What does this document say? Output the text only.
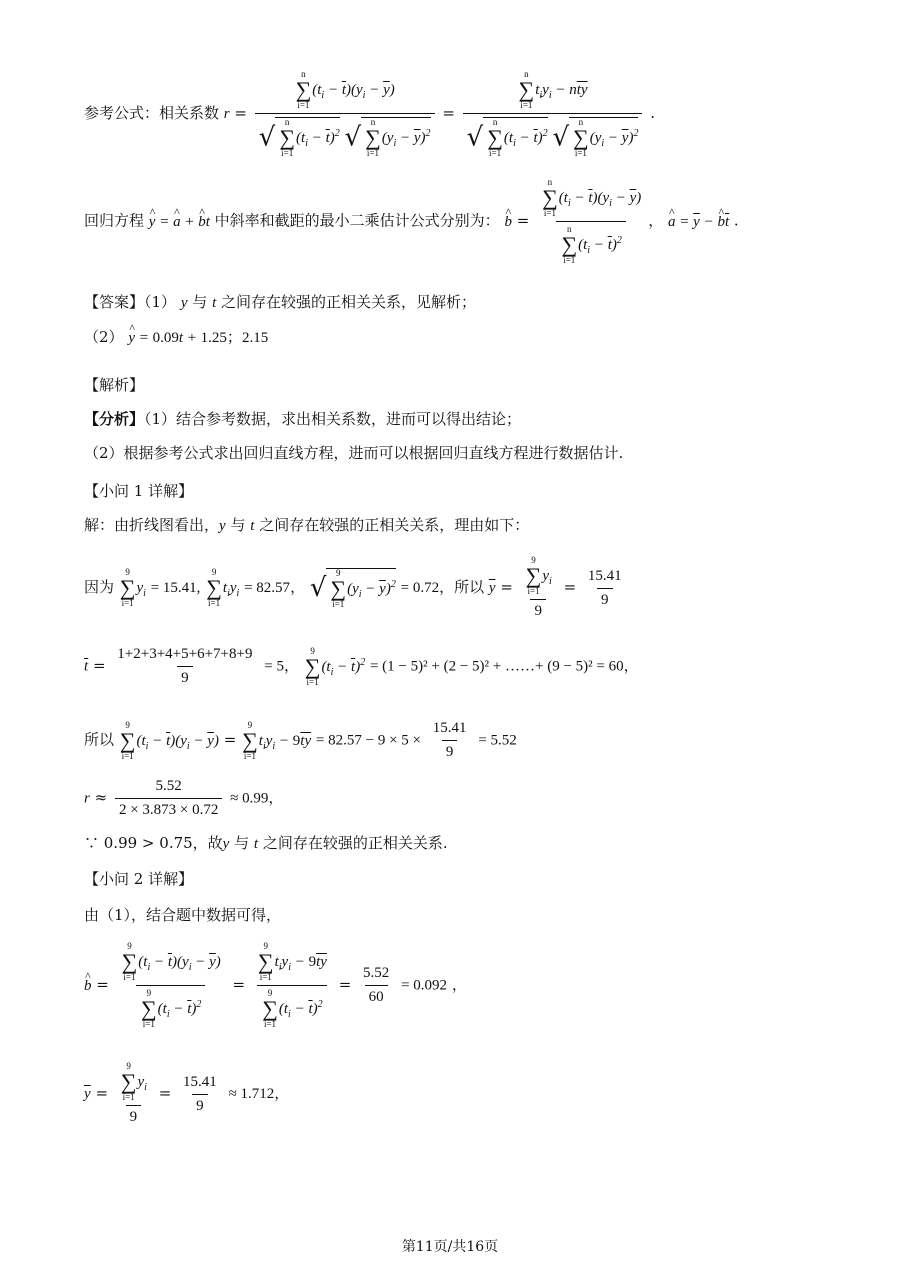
参考公式：相关系数 r = n
∑
i=1
$(t_i - \overline{t})(y_i - \overline{y})$
√
n
∑
i=1
$(t_i - \overline{t})^2$ √
n
∑
i=1
$(y_i - \overline{y})^2 = n$
∑
i=1
$t_iy_i - n\overline{ty}$
√
n
∑
i=1
$(t_i - \overline{t})^2$ √
n
∑
i=1
$(y_i - \overline{y})^2$ .
回归方程 ^ y = ^ a + ^ bt 中斜率和截距的最小二乘估计公式分别为： ^ b = n
∑
i=1
$(t_i - \overline{t})(y_i - \overline{y})$
n
∑
i=1
$(t_i - \overline{t})^2$ ， ^ $a = \overline{y}$ − ^ $b\overline{t}$ .
【答案】（1） y 与 t 之间存在较强的正相关关系，见解析；
（2） ^ y = 0.09t + 1.25；2.15
【解析】
【分析】（1）结合参考数据，求出相关系数，进而可以得出结论；
（2）根据参考公式求出回归直线方程，进而可以根据回归直线方程进行数据估计.
【小问 1 详解】
解：由折线图看出，y 与 t 之间存在较强的正相关关系，理由如下：
因为
9
∑
i=1
$y_i = 15.41$,
9
∑
i=1
$t_iy_i = 82.57$， √
9
∑
i=1
$(y_i - \overline{y})^2 = 0.72$，所以 $\overline{y} = 9$
∑
i=1
$y_i$
$9 = \frac{15.41}{9}$
$\overline{t} = \frac{1+2+3+4+5+6+7+8+9}{9} = 5$，
9
∑
i=1
$(t_i - \overline{t})^2 = (1 - 5)^2 + (2 - 5)^2$ + ……+ (9 − 5)² = 60，
所以
9
∑
i=1
$(t_i - \overline{t})(y_i - \overline{y})$ =
9
∑
i=1
$t_iy_i - 9\overline{ty} = 82.57 - 9 \times 5 \times \frac{15.41}{9} = 5.52$
$r \approx \frac{5.52}{2 \times 3.873 \times 0.72} \approx 0.99$，
∵ 0.99 > 0.75，故y 与 t 之间存在较强的正相关关系.
【小问 2 详解】
由（1），结合题中数据可得，
^ b = 9
∑
i=1
$(t_i - \overline{t})(y_i - \overline{y})$
9
∑
i=1
$(t_i - \overline{t})^2 = 9$
∑
i=1
$t_iy_i - 9\overline{ty}$
9
∑
i=1
$(t_i - \overline{t})^2 = \frac{5.52}{60} = 0.092$ ，
$\overline{y} = 9$
∑
i=1
$y_i$
$9 = \frac{15.41}{9} \approx 1.712$，
第11页/共16页
